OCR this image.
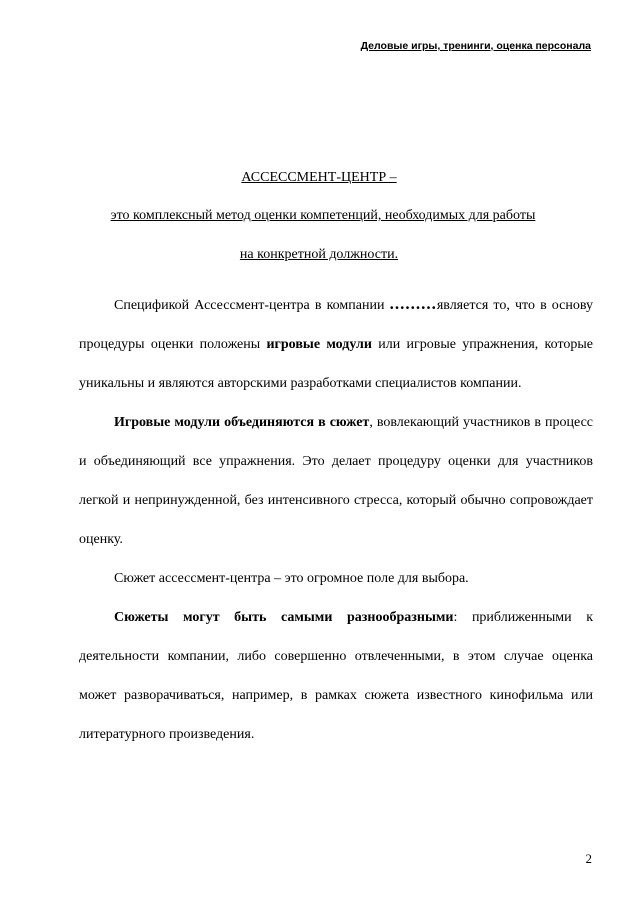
Деловые игры, тренинги, оценка персонала
АССЕССМЕНТ-ЦЕНТР –
это комплексный метод оценки компетенций, необходимых для работы
на конкретной должности.

Спецификой Ассессмент-центра в компании .........является то, что в основу процедуры оценки положены игровые модули или игровые упражнения, которые уникальны и являются авторскими разработками специалистов компании.

Игровые модули объединяются в сюжет, вовлекающий участников в процесс и объединяющий все упражнения. Это делает процедуру оценки для участников легкой и непринужденной, без интенсивного стресса, который обычно сопровождает оценку.

Сюжет ассессмент-центра – это огромное поле для выбора.

Сюжеты могут быть самыми разнообразными: приближенными к деятельности компании, либо совершенно отвлеченными, в этом случае оценка может разворачиваться, например, в рамках сюжета известного кинофильма или литературного произведения.

2
